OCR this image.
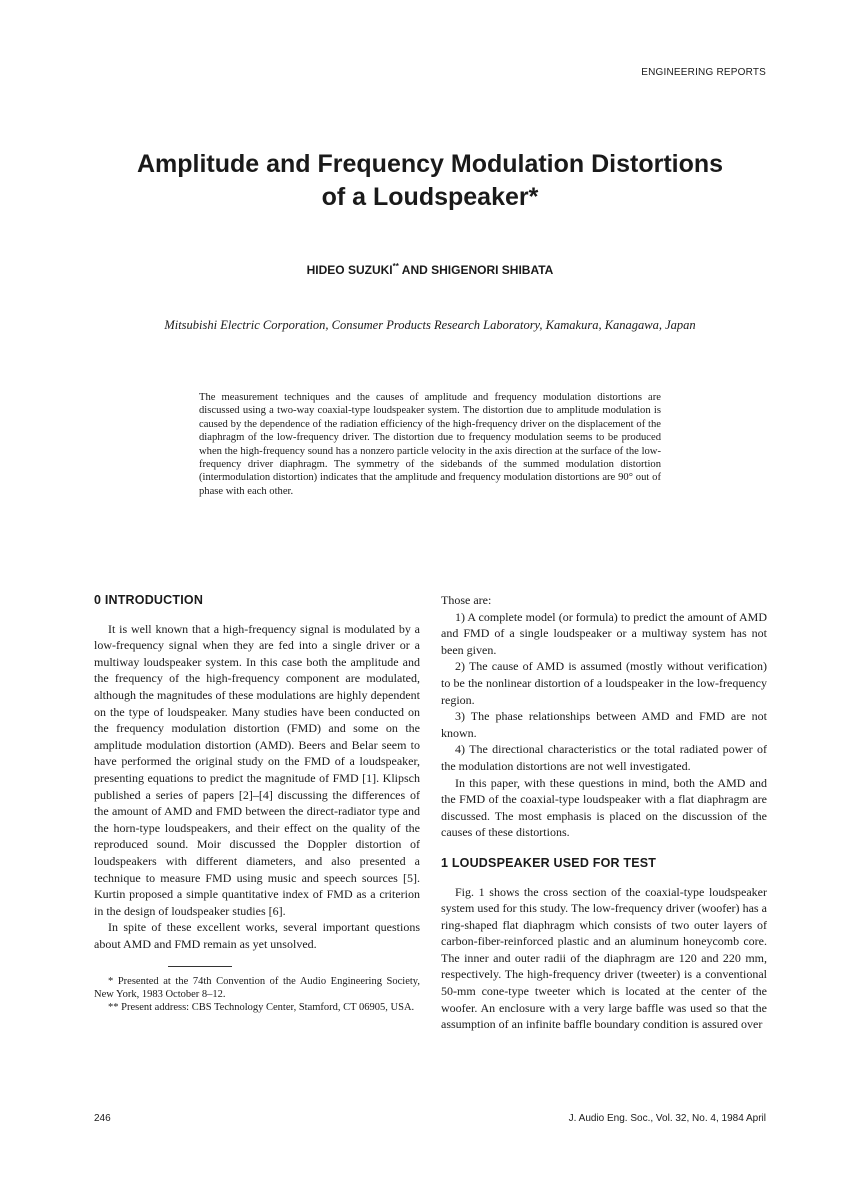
ENGINEERING REPORTS
Amplitude and Frequency Modulation Distortions
of a Loudspeaker*
HIDEO SUZUKI** AND SHIGENORI SHIBATA
Mitsubishi Electric Corporation, Consumer Products Research Laboratory, Kamakura, Kanagawa, Japan
The measurement techniques and the causes of amplitude and frequency modulation distortions are discussed using a two-way coaxial-type loudspeaker system. The distortion due to amplitude modulation is caused by the dependence of the radiation efficiency of the high-frequency driver on the displacement of the diaphragm of the low-frequency driver. The distortion due to frequency modulation seems to be produced when the high-frequency sound has a nonzero particle velocity in the axis direction at the surface of the low-frequency driver diaphragm. The symmetry of the sidebands of the summed modulation distortion (intermodulation distortion) indicates that the amplitude and frequency modulation distortions are 90° out of phase with each other.
0 INTRODUCTION

It is well known that a high-frequency signal is modulated by a low-frequency signal when they are fed into a single driver or a multiway loudspeaker system. In this case both the amplitude and the frequency of the high-frequency component are modulated, although the magnitudes of these modulations are highly dependent on the type of loudspeaker. Many studies have been conducted on the frequency modulation distortion (FMD) and some on the amplitude modulation distortion (AMD). Beers and Belar seem to have performed the original study on the FMD of a loudspeaker, presenting equations to predict the magnitude of FMD [1]. Klipsch published a series of papers [2]–[4] discussing the differences of the amount of AMD and FMD between the direct-radiator type and the horn-type loudspeakers, and their effect on the quality of the reproduced sound. Moir discussed the Doppler distortion of loudspeakers with different diameters, and also presented a technique to measure FMD using music and speech sources [5]. Kurtin proposed a simple quantitative index of FMD as a criterion in the design of loudspeaker studies [6].

In spite of these excellent works, several important questions about AMD and FMD remain as yet unsolved.

* Presented at the 74th Convention of the Audio Engineering Society, New York, 1983 October 8–12.

** Present address: CBS Technology Center, Stamford, CT 06905, USA.

Those are:

1) A complete model (or formula) to predict the amount of AMD and FMD of a single loudspeaker or a multiway system has not been given.

2) The cause of AMD is assumed (mostly without verification) to be the nonlinear distortion of a loudspeaker in the low-frequency region.

3) The phase relationships between AMD and FMD are not known.

4) The directional characteristics or the total radiated power of the modulation distortions are not well investigated.

In this paper, with these questions in mind, both the AMD and the FMD of the coaxial-type loudspeaker with a flat diaphragm are discussed. The most emphasis is placed on the discussion of the causes of these distortions.

1 LOUDSPEAKER USED FOR TEST

Fig. 1 shows the cross section of the coaxial-type loudspeaker system used for this study. The low-frequency driver (woofer) has a ring-shaped flat diaphragm which consists of two outer layers of carbon-fiber-reinforced plastic and an aluminum honeycomb core. The inner and outer radii of the diaphragm are 120 and 220 mm, respectively. The high-frequency driver (tweeter) is a conventional 50-mm cone-type tweeter which is located at the center of the woofer. An enclosure with a very large baffle was used so that the assumption of an infinite baffle boundary condition is assured over

246	J. Audio Eng. Soc., Vol. 32, No. 4, 1984 April
